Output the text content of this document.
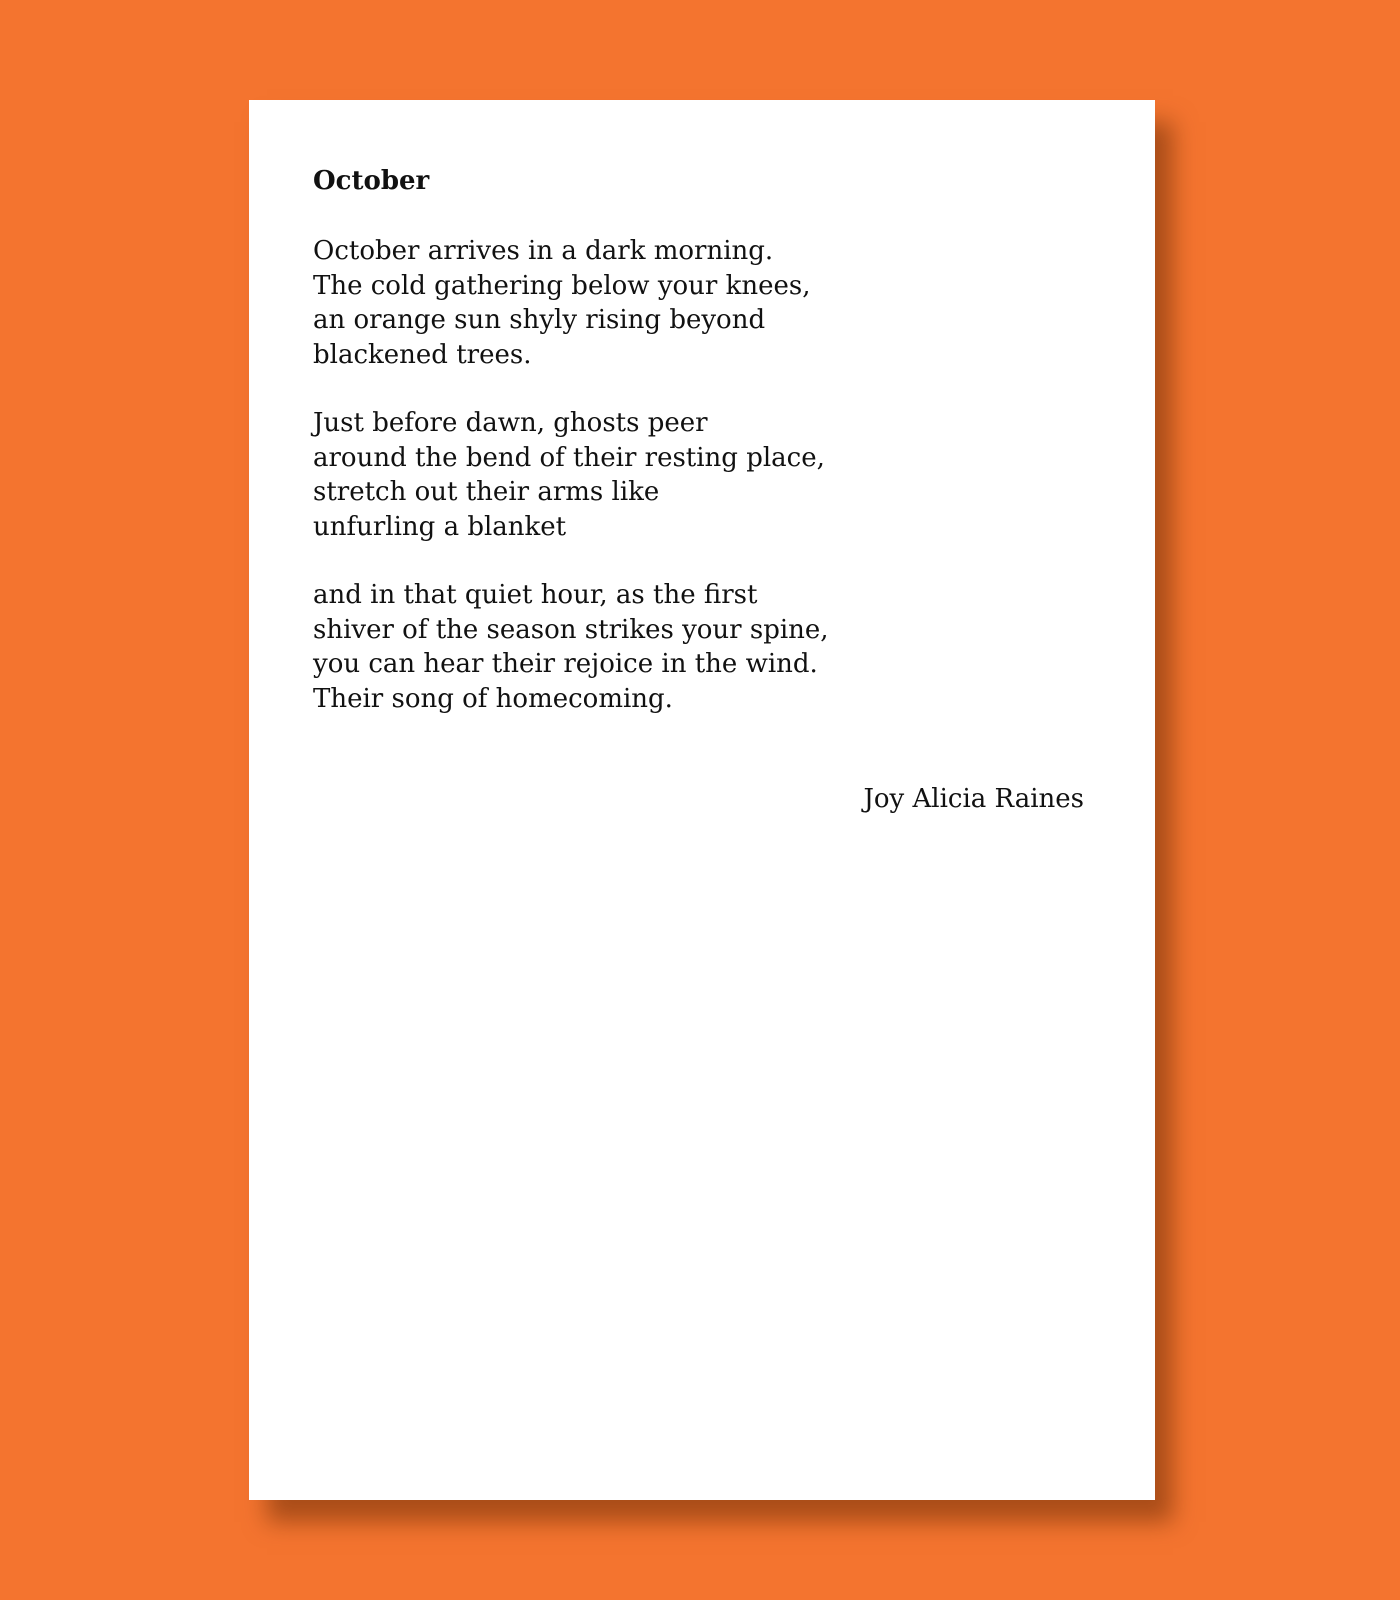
October
October arrives in a dark morning.
The cold gathering below your knees,
an orange sun shyly rising beyond
blackened trees.
Just before dawn, ghosts peer
around the bend of their resting place,
stretch out their arms like
unfurling a blanket
and in that quiet hour, as the first
shiver of the season strikes your spine,
you can hear their rejoice in the wind.
Their song of homecoming.

Joy Alicia Raines
